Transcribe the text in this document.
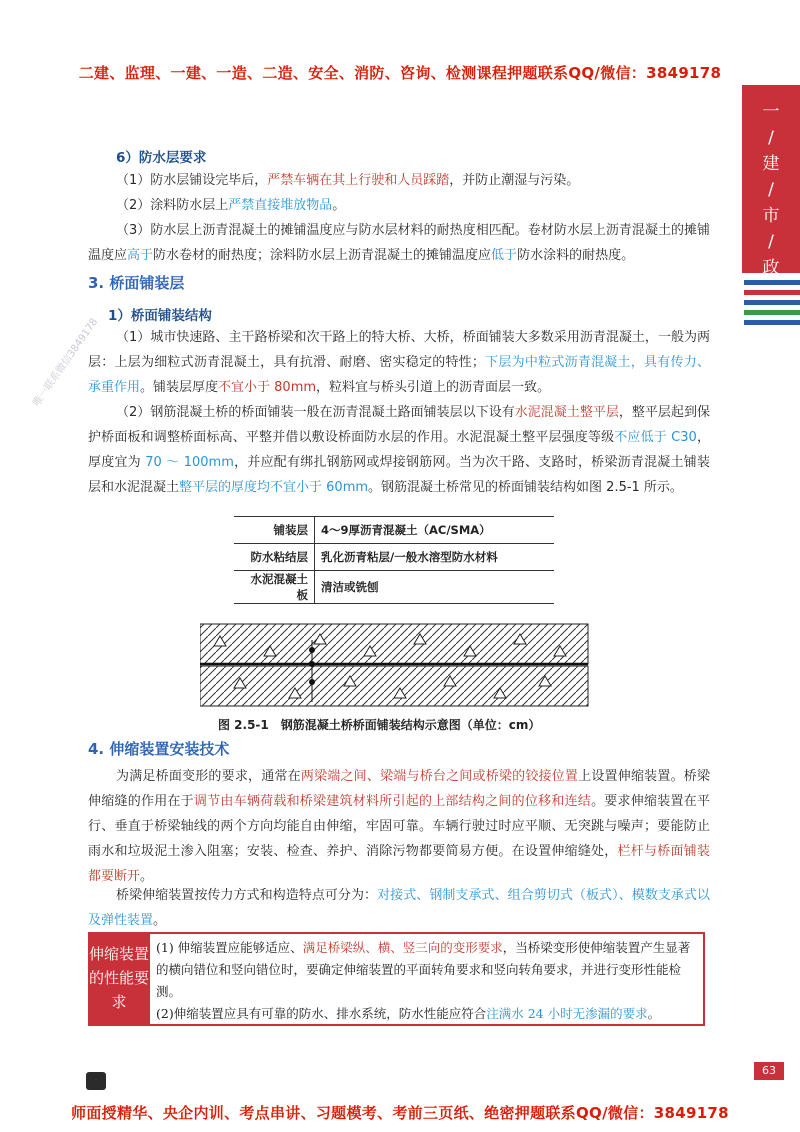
二建、监理、一建、一造、二造、安全、消防、咨询、检测课程押题联系QQ/微信：3849178
一
/
建
/
市
/
政
唯一联系微信3849178
6）防水层要求

（1）防水层铺设完毕后，严禁车辆在其上行驶和人员踩踏，并防止潮湿与污染。

（2）涂料防水层上严禁直接堆放物品。

（3）防水层上沥青混凝土的摊铺温度应与防水层材料的耐热度相匹配。卷材防水层上沥青混凝土的摊铺温度应高于防水卷材的耐热度；涂料防水层上沥青混凝土的摊铺温度应低于防水涂料的耐热度。

3. 桥面铺装层
1）桥面铺装结构

（1）城市快速路、主干路桥梁和次干路上的特大桥、大桥，桥面铺装大多数采用沥青混凝土，一般为两层：上层为细粒式沥青混凝土，具有抗滑、耐磨、密实稳定的特性；下层为中粒式沥青混凝土，具有传力、承重作用。铺装层厚度不宜小于 80mm，粒料宜与桥头引道上的沥青面层一致。

（2）钢筋混凝土桥的桥面铺装一般在沥青混凝土路面铺装层以下设有水泥混凝土整平层，整平层起到保护桥面板和调整桥面标高、平整并借以敷设桥面防水层的作用。水泥混凝土整平层强度等级不应低于 C30，厚度宜为 70 ～ 100mm，并应配有绑扎钢筋网或焊接钢筋网。当为次干路、支路时，桥梁沥青混凝土铺装层和水泥混凝土整平层的厚度均不宜小于 60mm。钢筋混凝土桥常见的桥面铺装结构如图 2.5-1 所示。

铺装层	4～9厚沥青混凝土（AC/SMA）
防水粘结层	乳化沥青粘层/一般水溶型防水材料
水泥混凝土板	清洁或铣刨
图 2.5-1　钢筋混凝土桥桥面铺装结构示意图（单位：cm）
4. 伸缩装置安装技术

为满足桥面变形的要求，通常在两梁端之间、梁端与桥台之间或桥梁的铰接位置上设置伸缩装置。桥梁伸缩缝的作用在于调节由车辆荷载和桥梁建筑材料所引起的上部结构之间的位移和连结。要求伸缩装置在平行、垂直于桥梁轴线的两个方向均能自由伸缩，牢固可靠。车辆行驶过时应平顺、无突跳与噪声；要能防止雨水和垃圾泥土渗入阻塞；安装、检查、养护、消除污物都要简易方便。在设置伸缩缝处，栏杆与桥面铺装都要断开。

桥梁伸缩装置按传力方式和构造特点可分为：对接式、钢制支承式、组合剪切式（板式）、模数支承式以及弹性装置。

伸缩装置的性能要求

(1) 伸缩装置应能够适应、满足桥梁纵、横、竖三向的变形要求，当桥梁变形使伸缩装置产生显著的横向错位和竖向错位时，要确定伸缩装置的平面转角要求和竖向转角要求，并进行变形性能检测。

(2)伸缩装置应具有可靠的防水、排水系统，防水性能应符合注满水 24 小时无渗漏的要求。

63
师面授精华、央企内训、考点串讲、习题模考、考前三页纸、绝密押题联系QQ/微信：3849178
